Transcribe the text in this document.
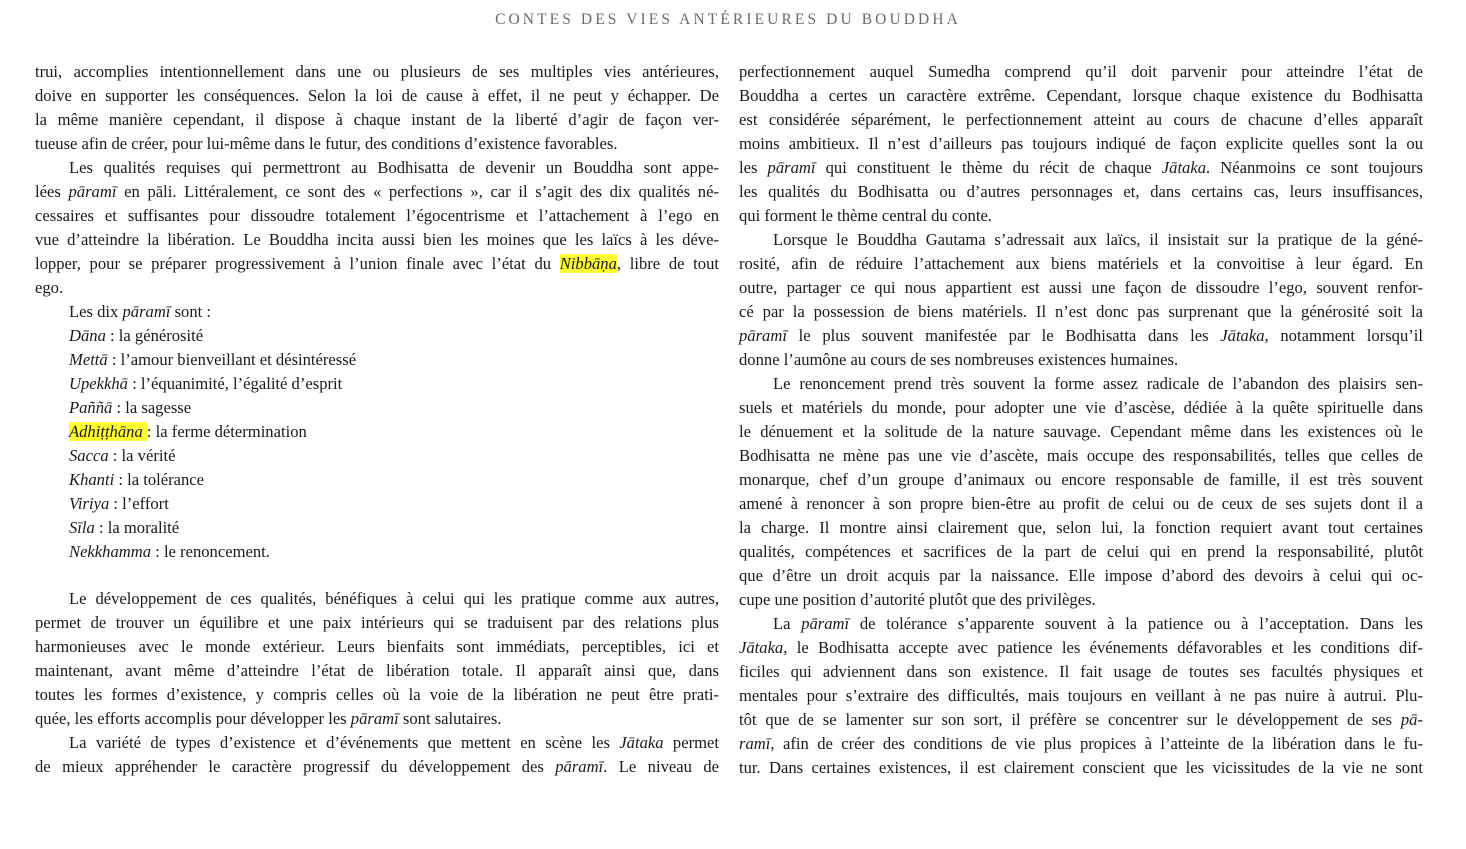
CONTES DES VIES ANTÉRIEURES DU BOUDDHA
trui, accomplies intentionnellement dans une ou plusieurs de ses multiples vies antérieures,
doive en supporter les conséquences. Selon la loi de cause à effet, il ne peut y échapper. De
la même manière cependant, il dispose à chaque instant de la liberté d’agir de façon ver-
tueuse afin de créer, pour lui-même dans le futur, des conditions d’existence favorables.
Les qualités requises qui permettront au Bodhisatta de devenir un Bouddha sont appe-
lées pāramī en pāli. Littéralement, ce sont des « perfections », car il s’agit des dix qualités né-
cessaires et suffisantes pour dissoudre totalement l’égocentrisme et l’attachement à l’ego en
vue d’atteindre la libération. Le Bouddha incita aussi bien les moines que les laïcs à les déve-
lopper, pour se préparer progressivement à l’union finale avec l’état du Nibbāṇa, libre de tout
ego.
Les dix pāramī sont :
Dāna : la générosité
Mettā : l’amour bienveillant et désintéressé
Upekkhā : l’équanimité, l’égalité d’esprit
Paññā : la sagesse
Adhiṭṭhāna : la ferme détermination
Sacca : la vérité
Khanti : la tolérance
Viriya : l’effort
Sīla : la moralité
Nekkhamma : le renoncement.
Le développement de ces qualités, bénéfiques à celui qui les pratique comme aux autres,
permet de trouver un équilibre et une paix intérieurs qui se traduisent par des relations plus
harmonieuses avec le monde extérieur. Leurs bienfaits sont immédiats, perceptibles, ici et
maintenant, avant même d’atteindre l’état de libération totale. Il apparaît ainsi que, dans
toutes les formes d’existence, y compris celles où la voie de la libération ne peut être prati-
quée, les efforts accomplis pour développer les pāramī sont salutaires.
La variété de types d’existence et d’événements que mettent en scène les Jātaka permet
de mieux appréhender le caractère progressif du développement des pāramī. Le niveau de
perfectionnement auquel Sumedha comprend qu’il doit parvenir pour atteindre l’état de
Bouddha a certes un caractère extrême. Cependant, lorsque chaque existence du Bodhisatta
est considérée séparément, le perfectionnement atteint au cours de chacune d’elles apparaît
moins ambitieux. Il n’est d’ailleurs pas toujours indiqué de façon explicite quelles sont la ou
les pāramī qui constituent le thème du récit de chaque Jātaka. Néanmoins ce sont toujours
les qualités du Bodhisatta ou d’autres personnages et, dans certains cas, leurs insuffisances,
qui forment le thème central du conte.
Lorsque le Bouddha Gautama s’adressait aux laïcs, il insistait sur la pratique de la géné-
rosité, afin de réduire l’attachement aux biens matériels et la convoitise à leur égard. En
outre, partager ce qui nous appartient est aussi une façon de dissoudre l’ego, souvent renfor-
cé par la possession de biens matériels. Il n’est donc pas surprenant que la générosité soit la
pāramī le plus souvent manifestée par le Bodhisatta dans les Jātaka, notamment lorsqu’il
donne l’aumône au cours de ses nombreuses existences humaines.
Le renoncement prend très souvent la forme assez radicale de l’abandon des plaisirs sen-
suels et matériels du monde, pour adopter une vie d’ascèse, dédiée à la quête spirituelle dans
le dénuement et la solitude de la nature sauvage. Cependant même dans les existences où le
Bodhisatta ne mène pas une vie d’ascète, mais occupe des responsabilités, telles que celles de
monarque, chef d’un groupe d’animaux ou encore responsable de famille, il est très souvent
amené à renoncer à son propre bien-être au profit de celui ou de ceux de ses sujets dont il a
la charge. Il montre ainsi clairement que, selon lui, la fonction requiert avant tout certaines
qualités, compétences et sacrifices de la part de celui qui en prend la responsabilité, plutôt
que d’être un droit acquis par la naissance. Elle impose d’abord des devoirs à celui qui oc-
cupe une position d’autorité plutôt que des privilèges.
La pāramī de tolérance s’apparente souvent à la patience ou à l’acceptation. Dans les
Jātaka, le Bodhisatta accepte avec patience les événements défavorables et les conditions dif-
ficiles qui adviennent dans son existence. Il fait usage de toutes ses facultés physiques et
mentales pour s’extraire des difficultés, mais toujours en veillant à ne pas nuire à autrui. Plu-
tôt que de se lamenter sur son sort, il préfère se concentrer sur le développement de ses pā-
ramī, afin de créer des conditions de vie plus propices à l’atteinte de la libération dans le fu-
tur. Dans certaines existences, il est clairement conscient que les vicissitudes de la vie ne sont
